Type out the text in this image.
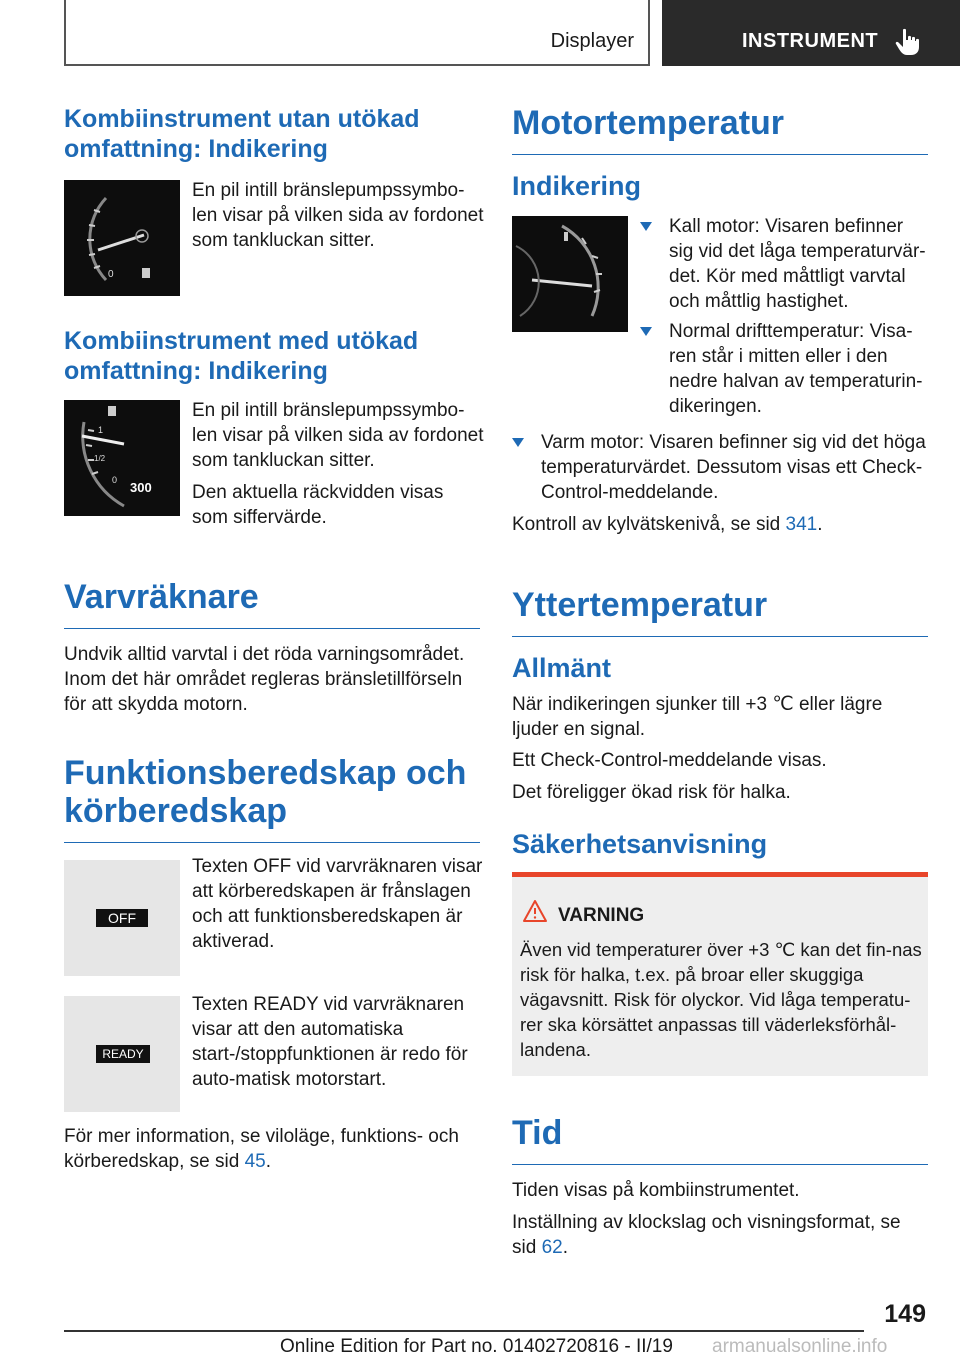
Displayer	INSTRUMENT
Kombiinstrument utan utökad omfattning: Indikering
0

En pil intill bränslepumpssymbo-len visar på vilken sida av fordonet som tankluckan sitter.

Kombiinstrument med utökad omfattning: Indikering
1
1/2
0 300

En pil intill bränslepumpssymbo-len visar på vilken sida av fordonet som tankluckan sitter.

Den aktuella räckvidden visas som siffervärde.

Varvräknare

Undvik alltid varvtal i det röda varningsområdet. Inom det här området regleras bränsletillförseln för att skydda motorn.

Funktionsberedskap och körberedskap
OFF

Texten OFF vid varvräknaren visar att körberedskapen är frånslagen och att funktionsberedskapen är aktiverad.

READY

Texten READY vid varvräknaren visar att den automatiska start-/stoppfunktionen är redo för auto-matisk motorstart.

För mer information, se viloläge, funktions- och körberedskap, se sid 45.

Motortemperatur
Indikering
Kall motor: Visaren befinner sig vid det låga temperaturvär-det. Kör med måttligt varvtal och måttlig hastighet.
Normal drifttemperatur: Visa-ren står i mitten eller i den nedre halvan av temperaturin-dikeringen.
Varm motor: Visaren befinner sig vid det höga temperaturvärdet. Dessutom visas ett Check-Control-meddelande.

Kontroll av kylvätskenivå, se sid 341.

Yttertemperatur
Allmänt

När indikeringen sjunker till +3 ℃ eller lägre ljuder en signal.

Ett Check-Control-meddelande visas.

Det föreligger ökad risk för halka.

Säkerhetsanvisning
VARNING

Även vid temperaturer över +3 ℃ kan det fin-nas risk för halka, t.ex. på broar eller skuggiga vägavsnitt. Risk för olyckor. Vid låga temperatu-rer ska körsättet anpassas till väderleksförhål-landena.

Tid

Tiden visas på kombiinstrumentet.

Inställning av klockslag och visningsformat, se sid 62.

149
Online Edition for Part no. 01402720816 - II/19 armanualsonline.info
